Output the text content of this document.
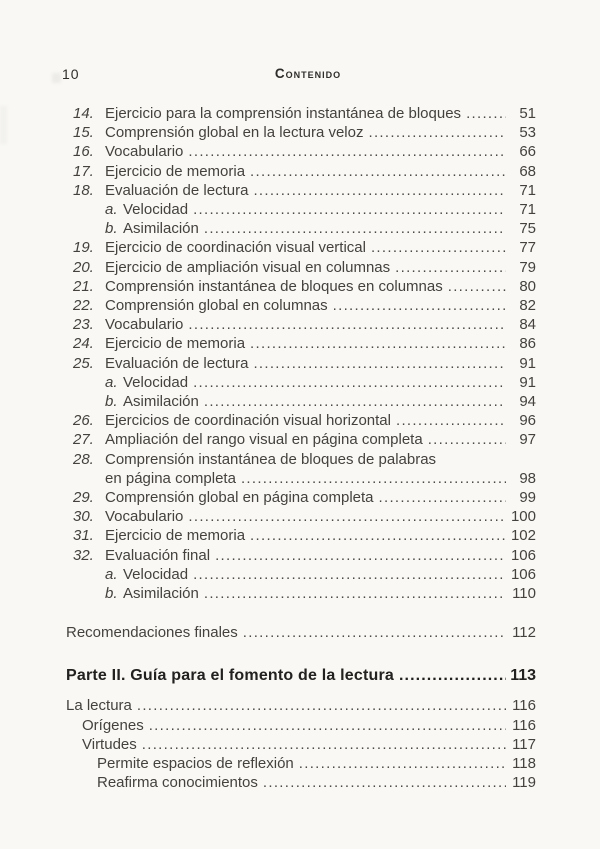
10	Contenido
14. Ejercicio para la comprensión instantánea de bloques .....	51
15. Comprensión global en la lectura veloz .....	53
16. Vocabulario .....	66
17. Ejercicio de memoria .....	68
18. Evaluación de lectura .....	71
a. Velocidad .....	71
b. Asimilación .....	75
19. Ejercicio de coordinación visual vertical .....	77
20. Ejercicio de ampliación visual en columnas .....	79
21. Comprensión instantánea de bloques en columnas .....	80
22. Comprensión global en columnas .....	82
23. Vocabulario .....	84
24. Ejercicio de memoria .....	86
25. Evaluación de lectura .....	91
a. Velocidad .....	91
b. Asimilación .....	94
26. Ejercicios de coordinación visual horizontal .....	96
27. Ampliación del rango visual en página completa .....	97
28. Comprensión instantánea de bloques de palabras
en página completa .....	98
29. Comprensión global en página completa .....	99
30. Vocabulario .....	100
31. Ejercicio de memoria .....	102
32. Evaluación final .....	106
a. Velocidad .....	106
b. Asimilación .....	110
Recomendaciones finales .....	112
Parte II. Guía para el fomento de la lectura .....	113
La lectura .....	116
Orígenes .....	116
Virtudes .....	117
Permite espacios de reflexión .....	118
Reafirma conocimientos .....	119
